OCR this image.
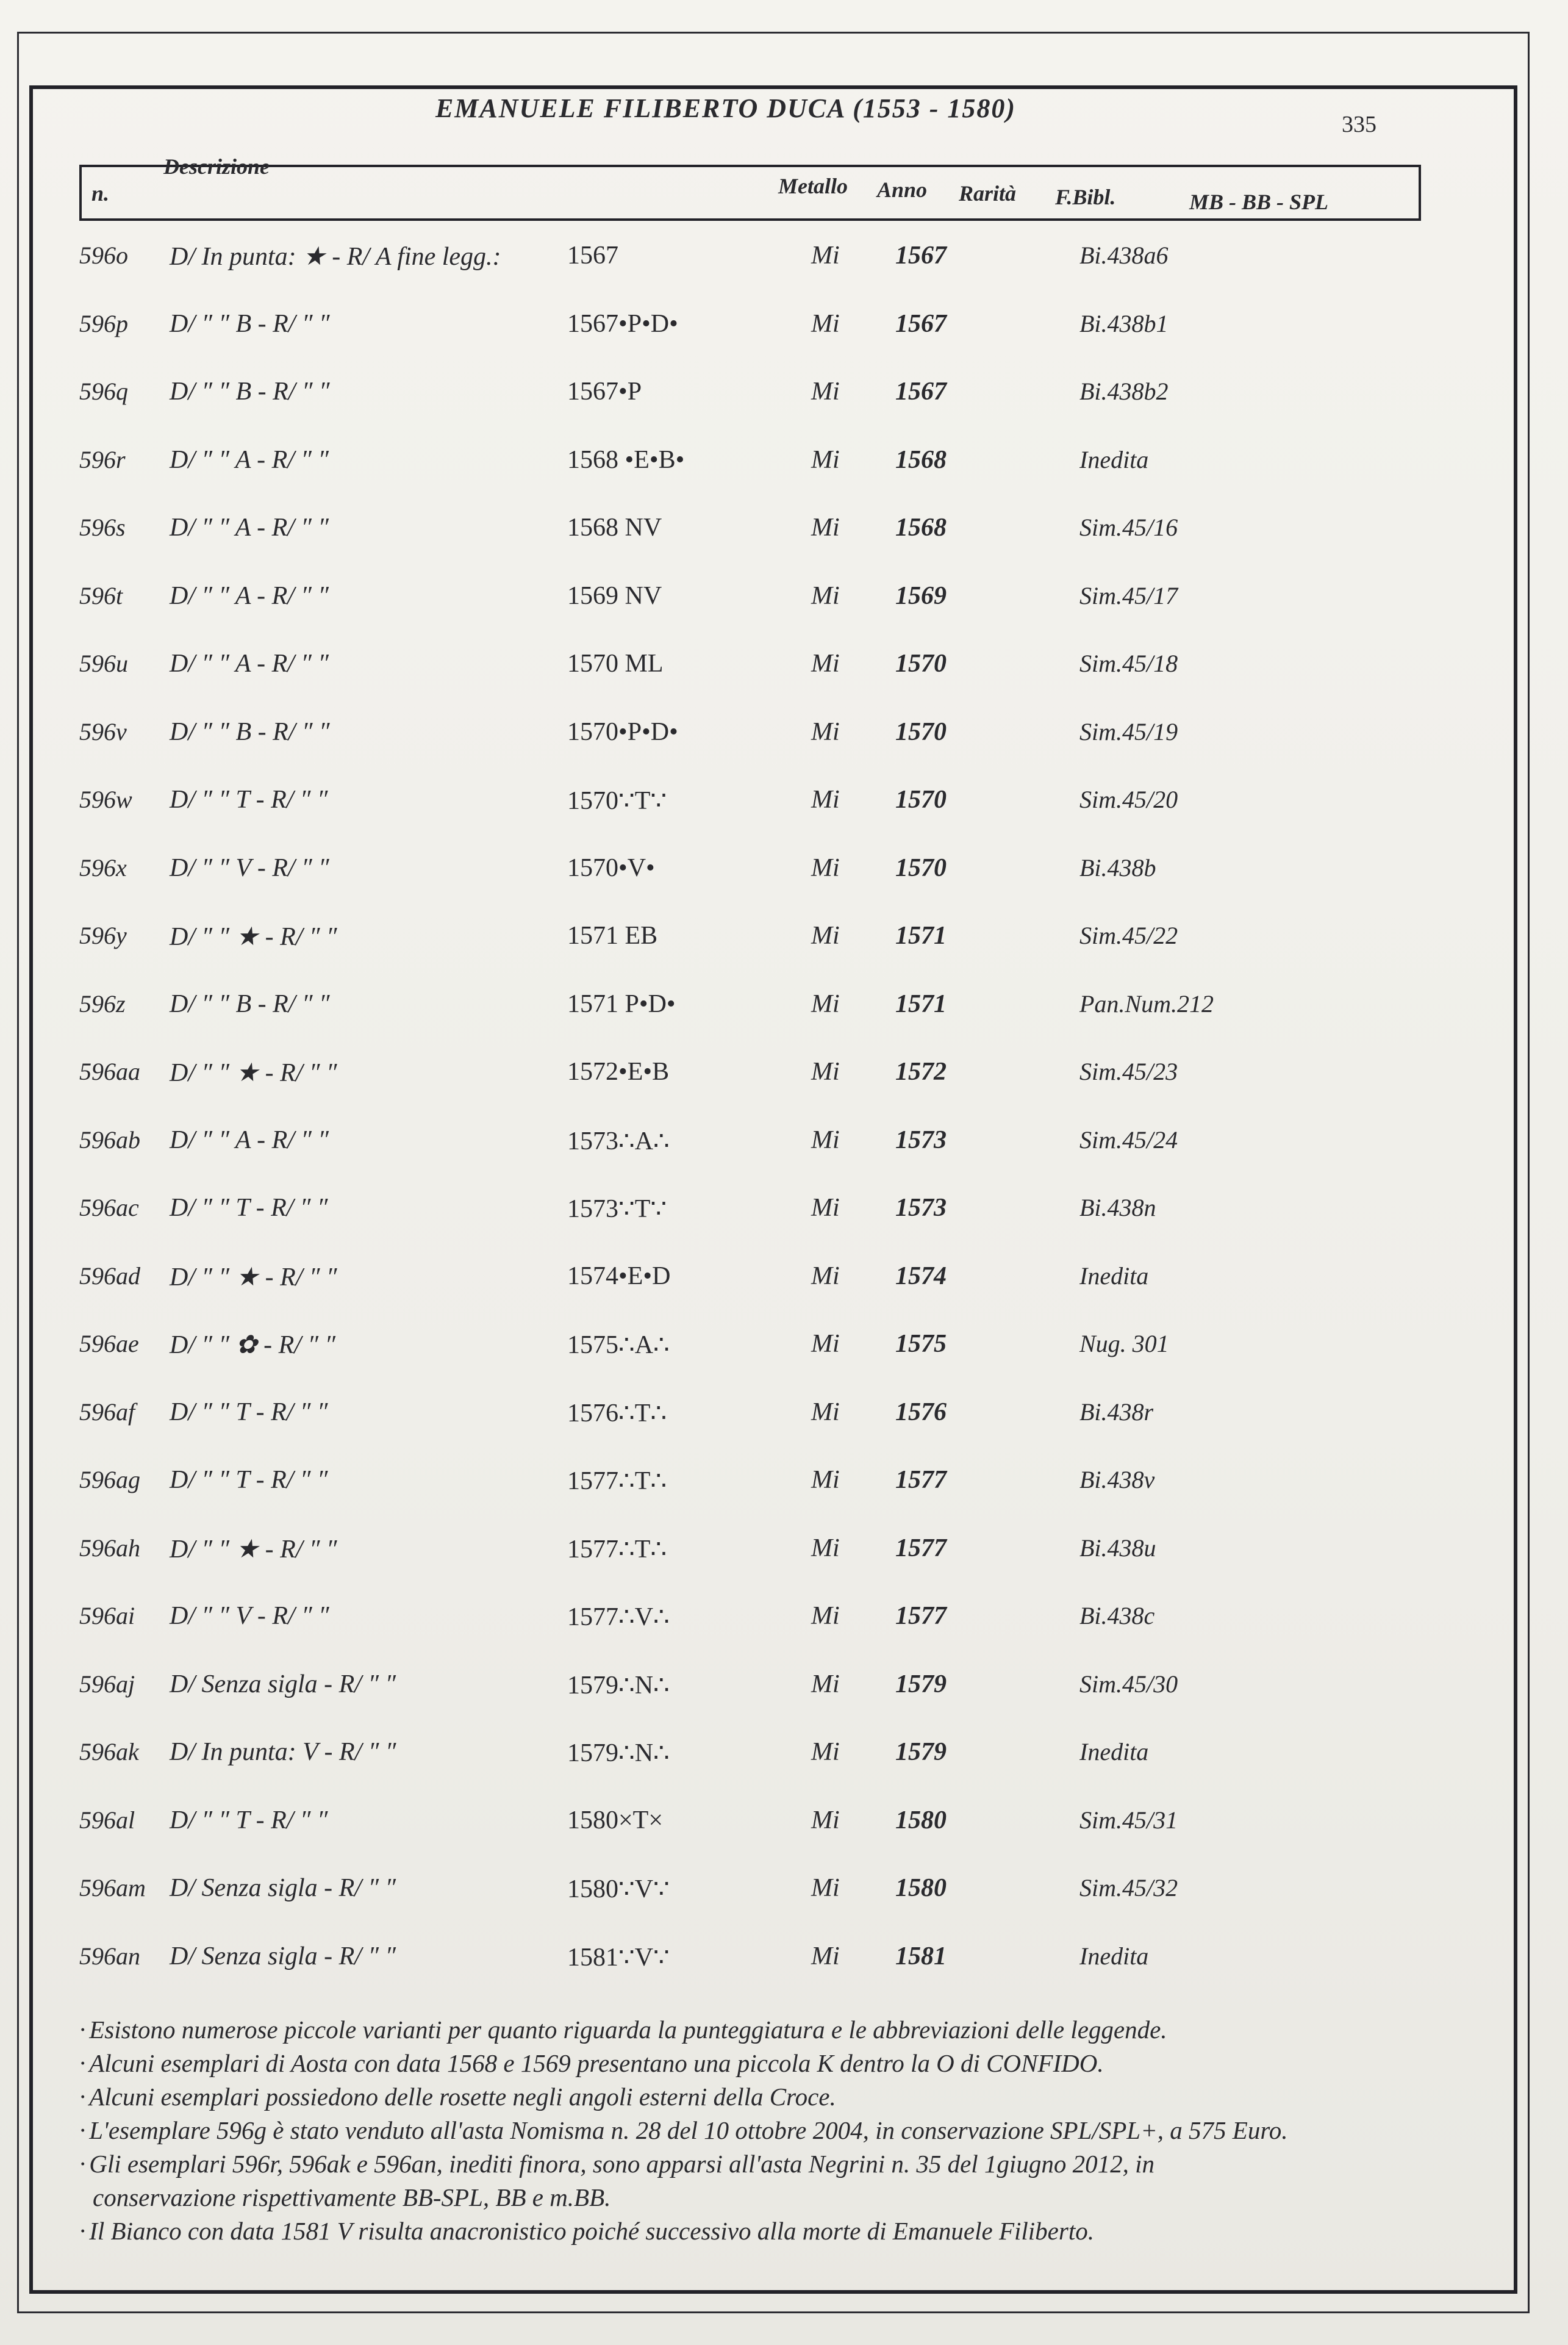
EMANUELE FILIBERTO DUCA (1553 - 1580)
335
n.
Descrizione
Metallo Anno Rarità F.Bibl.	MB - BB - SPL
596o D/ In punta: ★ - R/ A fine legg.:	1567	Mi 1567	Bi.438a6
596p D/ ″ ″ B - R/ ″ ″	1567•P•D•	Mi 1567	Bi.438b1
596q D/ ″ ″ B - R/ ″ ″	1567•P	Mi 1567	Bi.438b2
596r D/ ″ ″ A - R/ ″ ″	1568 •E•B•	Mi 1568	Inedita
596s D/ ″ ″ A - R/ ″ ″	1568 NV	Mi 1568	Sim.45/16
596t D/ ″ ″ A - R/ ″ ″	1569 NV	Mi 1569	Sim.45/17
596u D/ ″ ″ A - R/ ″ ″	1570 ML	Mi 1570	Sim.45/18
596v D/ ″ ″ B - R/ ″ ″	1570•P•D•	Mi 1570	Sim.45/19
596w D/ ″ ″ T - R/ ″ ″	1570∵T∵	Mi 1570	Sim.45/20
596x D/ ″ ″ V - R/ ″ ″	1570•V•	Mi 1570	Bi.438b
596y D/ ″ ″ ★ - R/ ″ ″	1571 EB	Mi 1571	Sim.45/22
596z D/ ″ ″ B - R/ ″ ″	1571 P•D•	Mi 1571	Pan.Num.212
596aa D/ ″ ″ ★ - R/ ″ ″	1572•E•B	Mi 1572	Sim.45/23
596ab D/ ″ ″ A - R/ ″ ″	1573∴A∴	Mi 1573	Sim.45/24
596ac D/ ″ ″ T - R/ ″ ″	1573∵T∵	Mi 1573	Bi.438n
596ad D/ ″ ″ ★ - R/ ″ ″	1574•E•D	Mi 1574	Inedita
596ae D/ ″ ″ ✿ - R/ ″ ″	1575∴A∴	Mi 1575	Nug. 301
596af D/ ″ ″ T - R/ ″ ″	1576∴T∴	Mi 1576	Bi.438r
596ag D/ ″ ″ T - R/ ″ ″	1577∴T∴	Mi 1577	Bi.438v
596ah D/ ″ ″ ★ - R/ ″ ″	1577∴T∴	Mi 1577	Bi.438u
596ai D/ ″ ″ V - R/ ″ ″	1577∴V∴	Mi 1577	Bi.438c
596aj D/ Senza sigla - R/ ″ ″	1579∴N∴	Mi 1579	Sim.45/30
596ak D/ In punta: V - R/ ″ ″	1579∴N∴	Mi 1579	Inedita
596al D/ ″ ″ T - R/ ″ ″	1580×T×	Mi 1580	Sim.45/31
596am D/ Senza sigla - R/ ″ ″	1580∵V∵	Mi 1580	Sim.45/32
596an D/ Senza sigla - R/ ″ ″	1581∵V∵	Mi 1581	Inedita
· Esistono numerose piccole varianti per quanto riguarda la punteggiatura e le abbreviazioni delle leggende.
· Alcuni esemplari di Aosta con data 1568 e 1569 presentano una piccola K dentro la O di CONFIDO.
· Alcuni esemplari possiedono delle rosette negli angoli esterni della Croce.
· L'esemplare 596g è stato venduto all'asta Nomisma n. 28 del 10 ottobre 2004, in conservazione SPL/SPL+, a 575 Euro.
· Gli esemplari 596r, 596ak e 596an, inediti finora, sono apparsi all'asta Negrini n. 35 del 1giugno 2012, in
conservazione rispettivamente BB-SPL, BB e m.BB.
· Il Bianco con data 1581 V risulta anacronistico poiché successivo alla morte di Emanuele Filiberto.
